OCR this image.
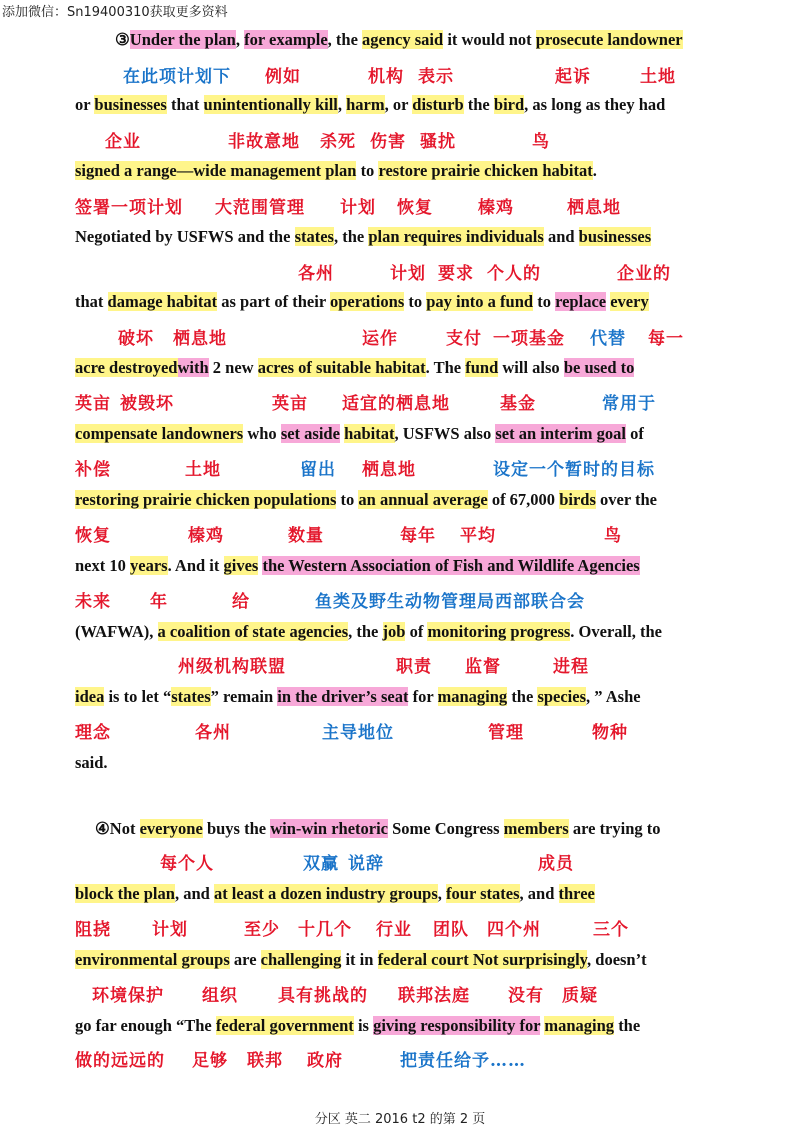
添加微信：Sn19400310获取更多资料
③Under the plan, for example, the agency said it would not prosecute landowner
or businesses that unintentionally kill, harm, or disturb the bird, as long as they had
signed a range—wide management plan to restore prairie chicken habitat.
Negotiated by USFWS and the states, the plan requires individuals and businesses
that damage habitat as part of their operations to pay into a fund to replace every
acre destroyedwith 2 new acres of suitable habitat. The fund will also be used to
compensate landowners who set aside habitat, USFWS also set an interim goal of
restoring prairie chicken populations to an annual average of 67,000 birds over the
next 10 years. And it gives the Western Association of Fish and Wildlife Agencies
(WAFWA), a coalition of state agencies, the job of monitoring progress. Overall, the
idea is to let “states” remain in the driver’s seat for managing the species, ” Ashe
said.
④Not everyone buys the win-win rhetoric Some Congress members are trying to
block the plan, and at least a dozen industry groups, four states, and three
environmental groups are challenging it in federal court Not surprisingly, doesn’t
go far enough “The federal government is giving responsibility for managing the
在此项计划下 例如	机构 表示	起诉	土地
企业	非故意地 杀死 伤害 骚扰	鸟
签署一项计划 大范围管理 计划 恢复	榛鸡	栖息地
各州	计划 要求 个人的	企业的
破坏 栖息地	运作	支付 一项基金 代替 每一
英亩 被毁坏	英亩 适宜的栖息地	基金	常用于
补偿	土地	留出 栖息地	设定一个暂时的目标
恢复	榛鸡	数量	每年 平均	鸟
未来 年	给	鱼类及野生动物管理局西部联合会
州级机构联盟	职责 监督	进程
理念	各州	主导地位	管理	物种
每个人	双赢 说辞	成员
阻挠 计划	至少 十几个 行业 团队 四个州	三个
环境保护 组织 具有挑战的 联邦法庭 没有 质疑
做的远远的 足够 联邦 政府	把责任给予……
分区 英二 2016 t2 的第 2 页
